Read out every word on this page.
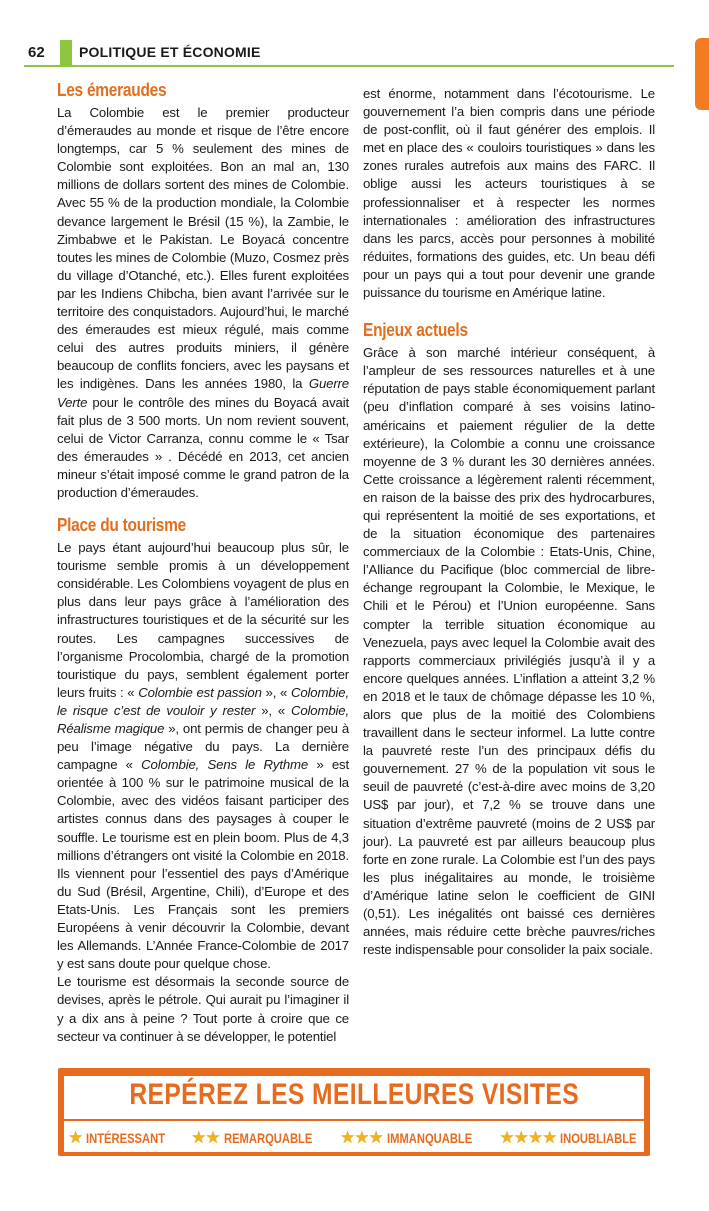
62 POLITIQUE ET ÉCONOMIE
Les émeraudes

La Colombie est le premier producteur d’émeraudes au monde et risque de l’être encore longtemps, car 5 % seulement des mines de Colombie sont exploitées. Bon an mal an, 130 millions de dollars sortent des mines de Colombie. Avec 55 % de la production mondiale, la Colombie devance largement le Brésil (15 %), la Zambie, le Zimbabwe et le Pakistan. Le Boyacá concentre toutes les mines de Colombie (Muzo, Cosmez près du village d’Otanché, etc.). Elles furent exploitées par les Indiens Chibcha, bien avant l’arrivée sur le territoire des conquistadors. Aujourd’hui, le marché des émeraudes est mieux régulé, mais comme celui des autres produits miniers, il génère beaucoup de conflits fonciers, avec les paysans et les indigènes. Dans les années 1980, la Guerre Verte pour le contrôle des mines du Boyacá avait fait plus de 3 500 morts. Un nom revient souvent, celui de Victor Carranza, connu comme le « Tsar des émeraudes » . Décédé en 2013, cet ancien mineur s’était imposé comme le grand patron de la production d’émeraudes.

Place du tourisme

Le pays étant aujourd’hui beaucoup plus sûr, le tourisme semble promis à un développement considérable. Les Colombiens voyagent de plus en plus dans leur pays grâce à l’amélioration des infrastructures touristiques et de la sécurité sur les routes. Les campagnes successives de l’organisme Procolombia, chargé de la promotion touristique du pays, semblent également porter leurs fruits : « Colombie est passion », « Colombie, le risque c’est de vouloir y rester », « Colombie, Réalisme magique », ont permis de changer peu à peu l’image négative du pays. La dernière campagne « Colombie, Sens le Rythme » est orientée à 100 % sur le patrimoine musical de la Colombie, avec des vidéos faisant participer des artistes connus dans des paysages à couper le souffle. Le tourisme est en plein boom. Plus de 4,3 millions d’étrangers ont visité la Colombie en 2018. Ils viennent pour l’essentiel des pays d’Amérique du Sud (Brésil, Argentine, Chili), d’Europe et des Etats-Unis. Les Français sont les premiers Européens à venir découvrir la Colombie, devant les Allemands. L’Année France-Colombie de 2017 y est sans doute pour quelque chose.

Le tourisme est désormais la seconde source de devises, après le pétrole. Qui aurait pu l’imaginer il y a dix ans à peine ? Tout porte à croire que ce secteur va continuer à se développer, le potentiel

est énorme, notamment dans l’écotourisme. Le gouvernement l’a bien compris dans une période de post-conflit, où il faut générer des emplois. Il met en place des « couloirs touristiques » dans les zones rurales autrefois aux mains des FARC. Il oblige aussi les acteurs touristiques à se professionnaliser et à respecter les normes internationales : amélioration des infrastructures dans les parcs, accès pour personnes à mobilité réduites, formations des guides, etc. Un beau défi pour un pays qui a tout pour devenir une grande puissance du tourisme en Amérique latine.
Enjeux actuels

Grâce à son marché intérieur conséquent, à l’ampleur de ses ressources naturelles et à une réputation de pays stable économiquement parlant (peu d’inflation comparé à ses voisins latino-américains et paiement régulier de la dette extérieure), la Colombie a connu une croissance moyenne de 3 % durant les 30 dernières années. Cette croissance a légèrement ralenti récemment, en raison de la baisse des prix des hydrocarbures, qui représentent la moitié de ses exportations, et de la situation économique des partenaires commerciaux de la Colombie : Etats-Unis, Chine, l’Alliance du Pacifique (bloc commercial de libre-échange regroupant la Colombie, le Mexique, le Chili et le Pérou) et l’Union européenne. Sans compter la terrible situation économique au Venezuela, pays avec lequel la Colombie avait des rapports commerciaux privilégiés jusqu’à il y a encore quelques années. L’inflation a atteint 3,2 % en 2018 et le taux de chômage dépasse les 10 %, alors que plus de la moitié des Colombiens travaillent dans le secteur informel. La lutte contre la pauvreté reste l’un des principaux défis du gouvernement. 27 % de la population vit sous le seuil de pauvreté (c’est-à-dire avec moins de 3,20 US$ par jour), et 7,2 % se trouve dans une situation d’extrême pauvreté (moins de 2 US$ par jour). La pauvreté est par ailleurs beaucoup plus forte en zone rurale. La Colombie est l’un des pays les plus inégalitaires au monde, le troisième d’Amérique latine selon le coefficient de GINI (0,51). Les inégalités ont baissé ces dernières années, mais réduire cette brèche pauvres/riches reste indispensable pour consolider la paix sociale.

REPÉREZ LES MEILLEURES VISITES
★ INTÉRESSANT ★★ REMARQUABLE ★★★ IMMANQUABLE ★★★★ INOUBLIABLE
